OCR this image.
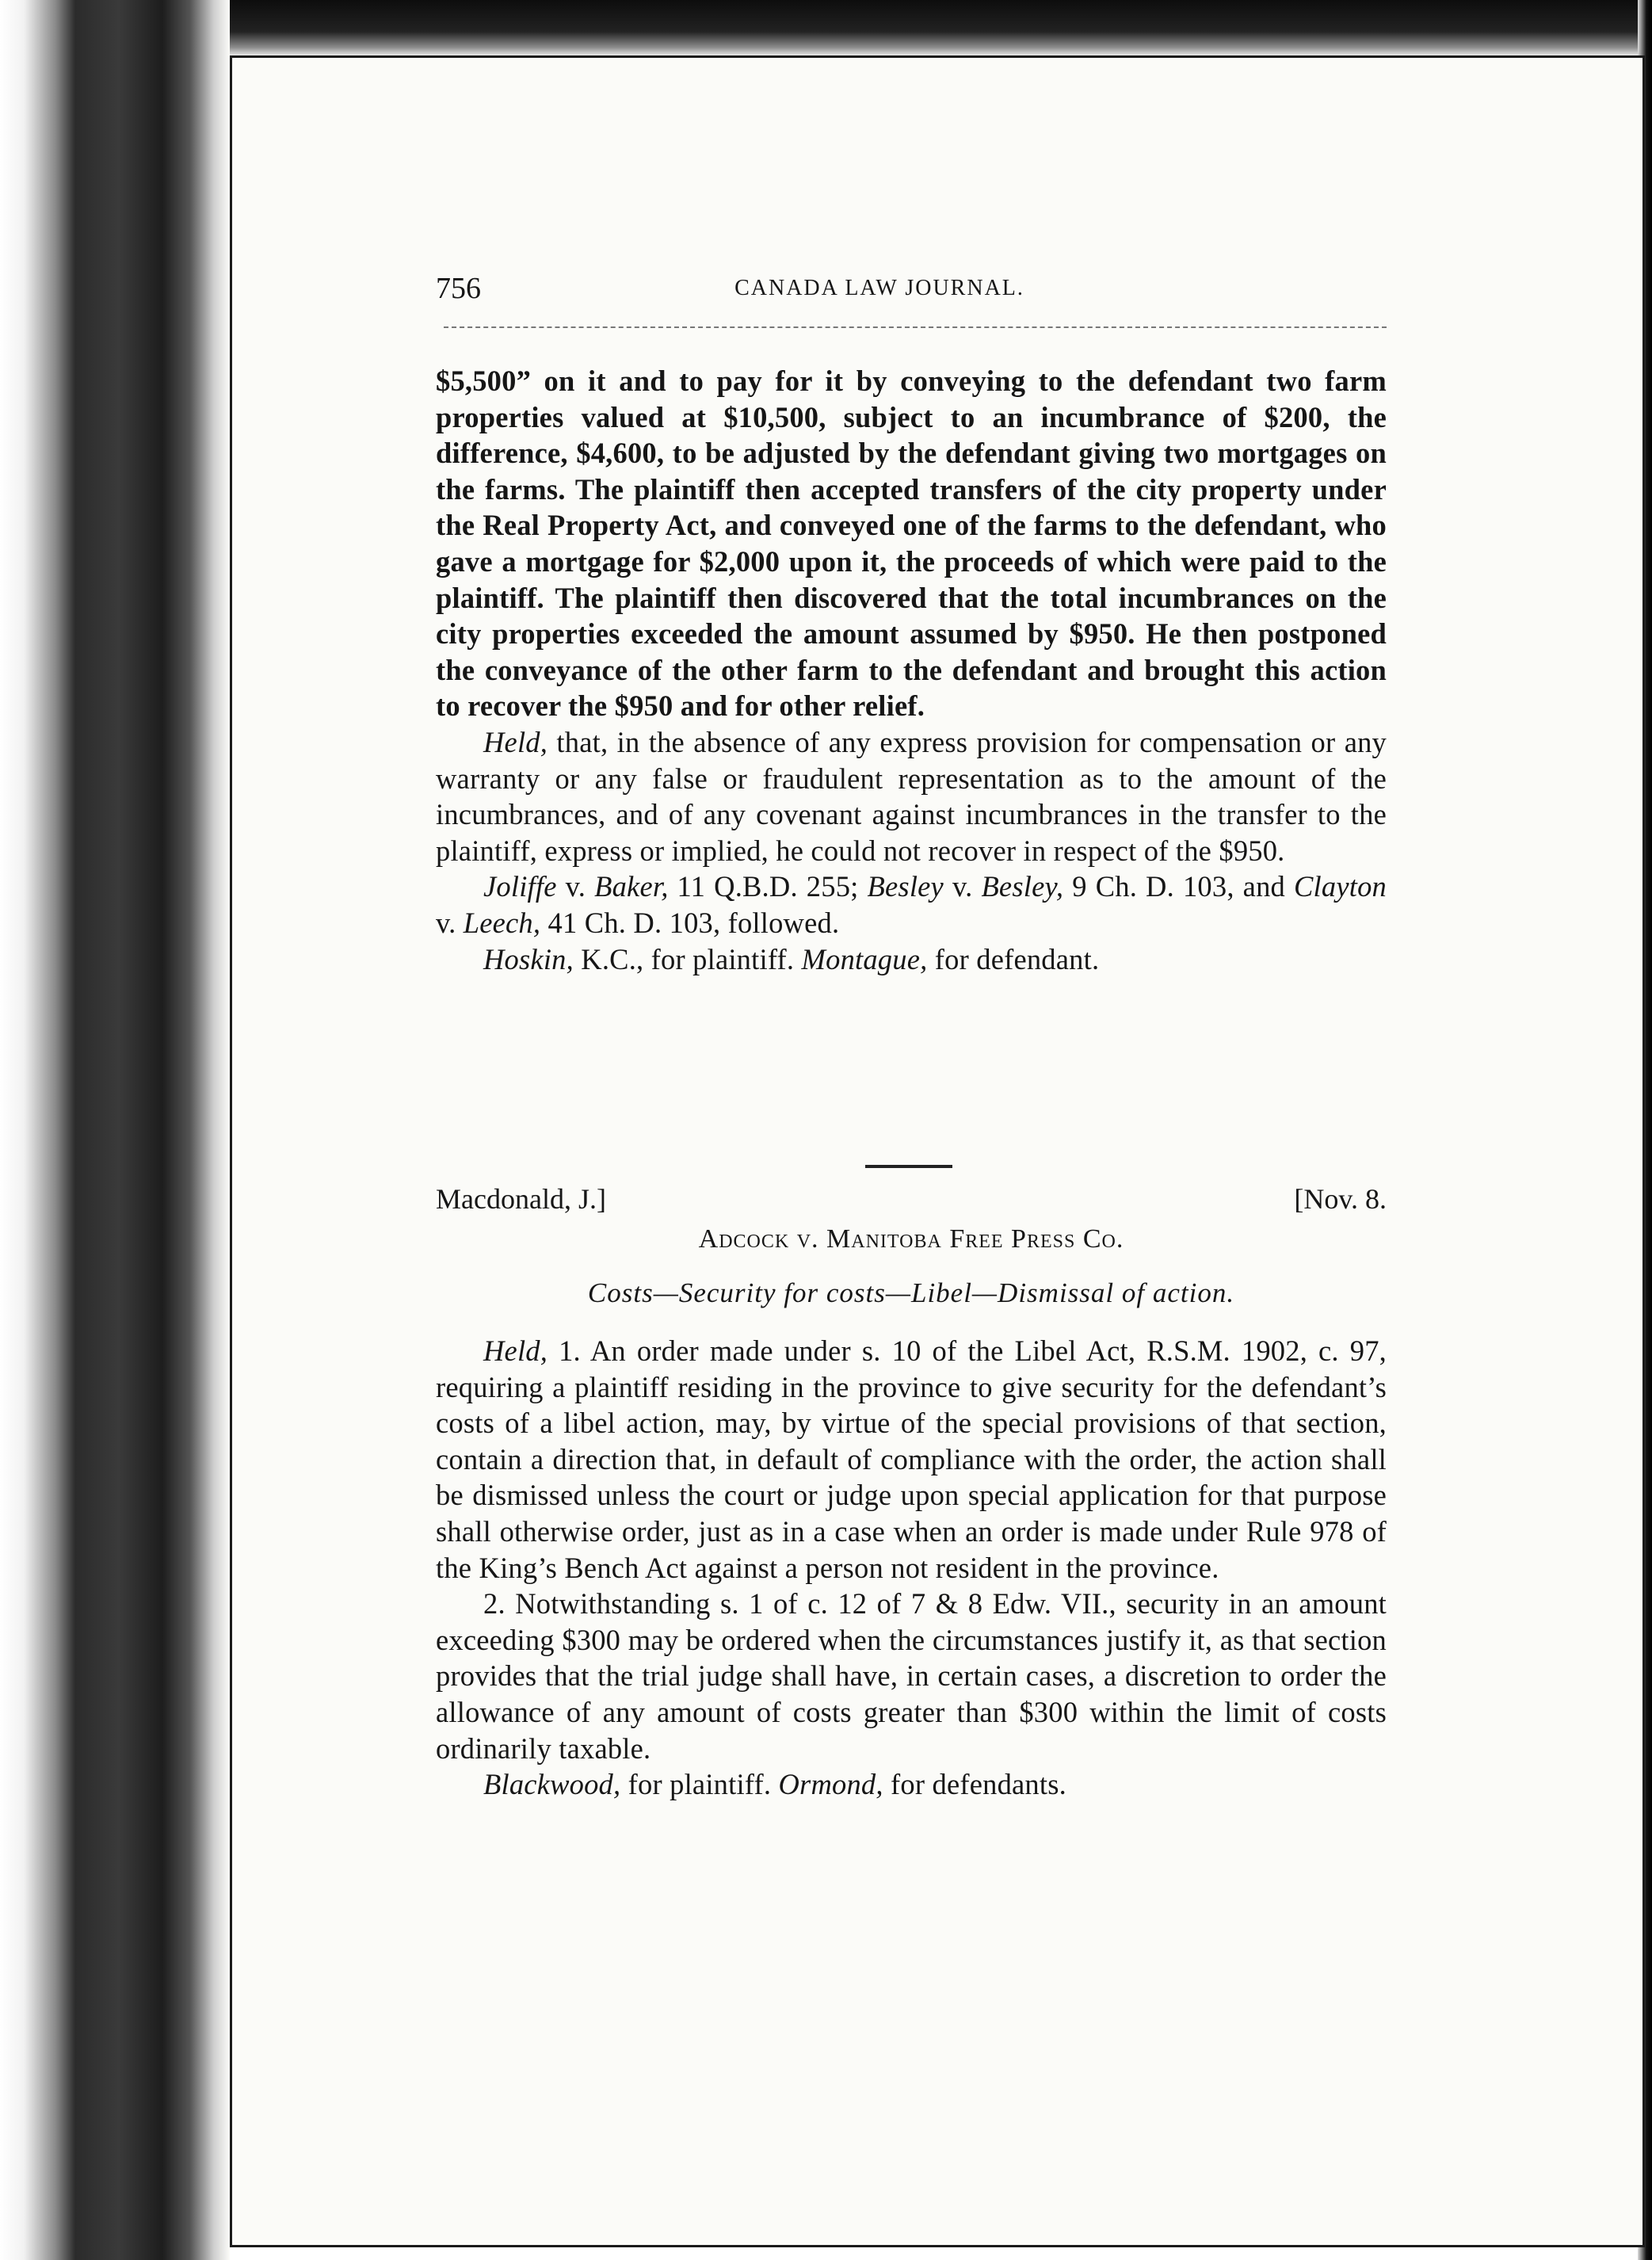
756	CANADA LAW JOURNAL.

$5,500” on it and to pay for it by conveying to the defendant two farm properties valued at $10,500, subject to an incumbrance of $200, the difference, $4,600, to be adjusted by the defendant giving two mortgages on the farms. The plaintiff then accepted transfers of the city property under the Real Property Act, and conveyed one of the farms to the defendant, who gave a mortgage for $2,000 upon it, the proceeds of which were paid to the plaintiff. The plaintiff then discovered that the total incumbrances on the city properties exceeded the amount assumed by $950. He then postponed the conveyance of the other farm to the defendant and brought this action to recover the $950 and for other relief.

Held, that, in the absence of any express provision for compensation or any warranty or any false or fraudulent representation as to the amount of the incumbrances, and of any covenant against incumbrances in the transfer to the plaintiff, express or implied, he could not recover in respect of the $950.

Joliffe v. Baker, 11 Q.B.D. 255; Besley v. Besley, 9 Ch. D. 103, and Clayton v. Leech, 41 Ch. D. 103, followed.

Hoskin, K.C., for plaintiff. Montague, for defendant.

Macdonald, J.]	[Nov. 8.
Adcock v. Manitoba Free Press Co.
Costs—Security for costs—Libel—Dismissal of action.

Held, 1. An order made under s. 10 of the Libel Act, R.S.M. 1902, c. 97, requiring a plaintiff residing in the province to give security for the defendant’s costs of a libel action, may, by virtue of the special provisions of that section, contain a direction that, in default of compliance with the order, the action shall be dismissed unless the court or judge upon special application for that purpose shall otherwise order, just as in a case when an order is made under Rule 978 of the King’s Bench Act against a person not resident in the province.

2. Notwithstanding s. 1 of c. 12 of 7 & 8 Edw. VII., security in an amount exceeding $300 may be ordered when the circumstances justify it, as that section provides that the trial judge shall have, in certain cases, a discretion to order the allowance of any amount of costs greater than $300 within the limit of costs ordinarily taxable.

Blackwood, for plaintiff. Ormond, for defendants.
